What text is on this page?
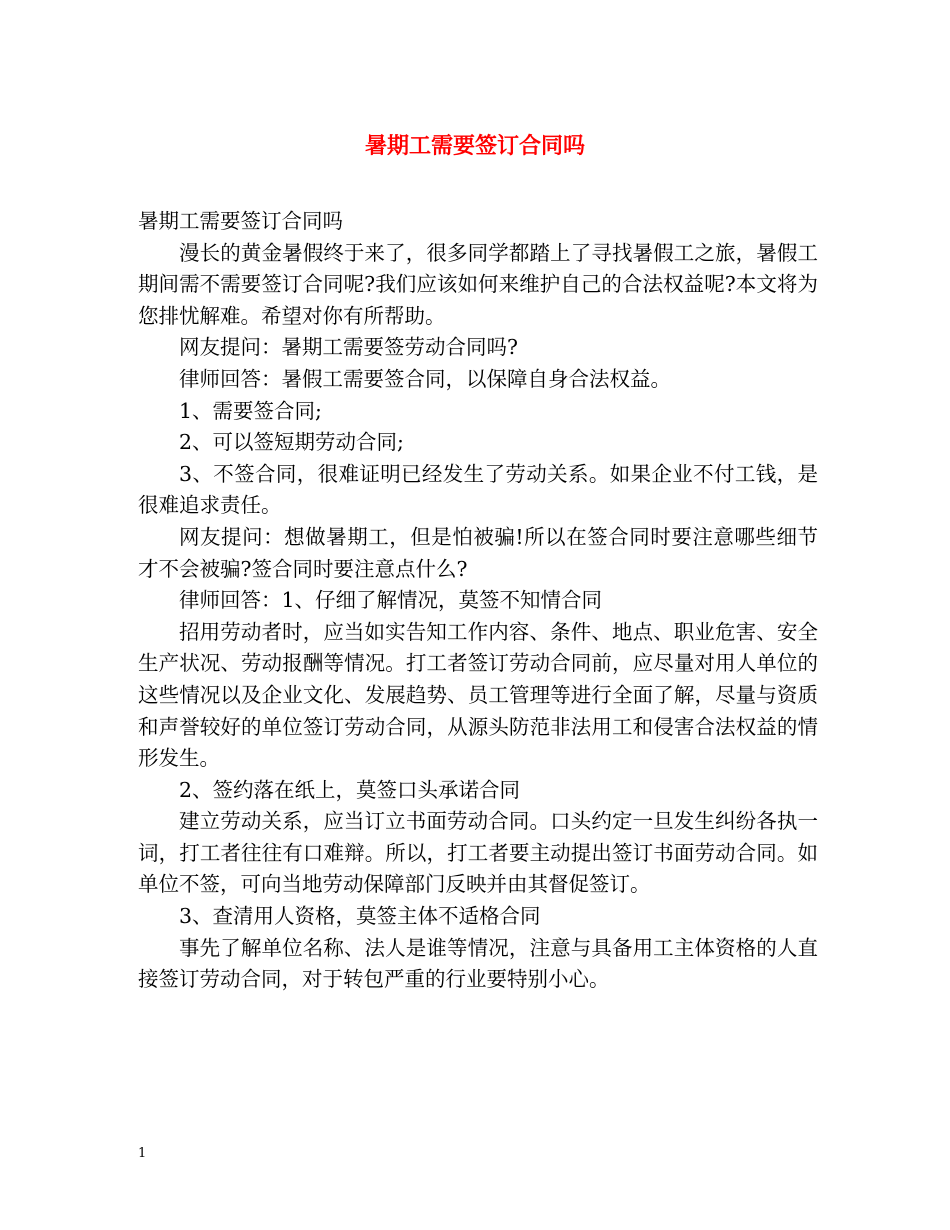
暑期工需要签订合同吗

暑期工需要签订合同吗

漫长的黄金暑假终于来了，很多同学都踏上了寻找暑假工之旅，暑假工期间需不需要签订合同呢?我们应该如何来维护自己的合法权益呢?本文将为您排忧解难。希望对你有所帮助。

网友提问：暑期工需要签劳动合同吗?

律师回答：暑假工需要签合同，以保障自身合法权益。

1、需要签合同;

2、可以签短期劳动合同;

3、不签合同，很难证明已经发生了劳动关系。如果企业不付工钱，是很难追求责任。

网友提问：想做暑期工，但是怕被骗!所以在签合同时要注意哪些细节才不会被骗?签合同时要注意点什么?

律师回答：1、仔细了解情况，莫签不知情合同

招用劳动者时，应当如实告知工作内容、条件、地点、职业危害、安全生产状况、劳动报酬等情况。打工者签订劳动合同前，应尽量对用人单位的这些情况以及企业文化、发展趋势、员工管理等进行全面了解，尽量与资质和声誉较好的单位签订劳动合同，从源头防范非法用工和侵害合法权益的情形发生。

2、签约落在纸上，莫签口头承诺合同

建立劳动关系，应当订立书面劳动合同。口头约定一旦发生纠纷各执一词，打工者往往有口难辩。所以，打工者要主动提出签订书面劳动合同。如单位不签，可向当地劳动保障部门反映并由其督促签订。

3、查清用人资格，莫签主体不适格合同

事先了解单位名称、法人是谁等情况，注意与具备用工主体资格的人直接签订劳动合同，对于转包严重的行业要特别小心。

1
